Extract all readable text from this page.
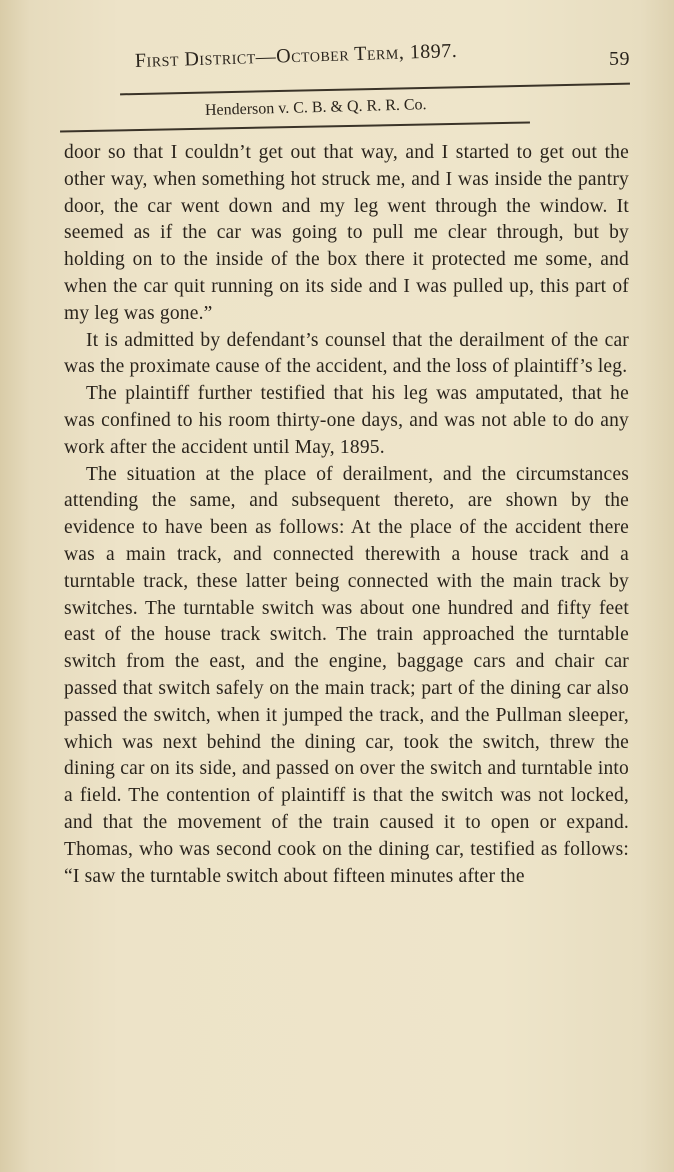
First District—October Term, 1897.	59
Henderson v. C. B. & Q. R. R. Co.

door so that I couldn’t get out that way, and I started to get out the other way, when something hot struck me, and I was inside the pantry door, the car went down and my leg went through the window. It seemed as if the car was going to pull me clear through, but by holding on to the inside of the box there it protected me some, and when the car quit running on its side and I was pulled up, this part of my leg was gone.”

It is admitted by defendant’s counsel that the derailment of the car was the proximate cause of the accident, and the loss of plaintiff’s leg.

The plaintiff further testified that his leg was amputated, that he was confined to his room thirty-one days, and was not able to do any work after the accident until May, 1895.

The situation at the place of derailment, and the circumstances attending the same, and subsequent thereto, are shown by the evidence to have been as follows: At the place of the accident there was a main track, and connected therewith a house track and a turntable track, these latter being connected with the main track by switches. The turntable switch was about one hundred and fifty feet east of the house track switch. The train approached the turntable switch from the east, and the engine, baggage cars and chair car passed that switch safely on the main track; part of the dining car also passed the switch, when it jumped the track, and the Pullman sleeper, which was next behind the dining car, took the switch, threw the dining car on its side, and passed on over the switch and turntable into a field. The contention of plaintiff is that the switch was not locked, and that the movement of the train caused it to open or expand. Thomas, who was second cook on the dining car, testified as follows: “I saw the turntable switch about fifteen minutes after the
